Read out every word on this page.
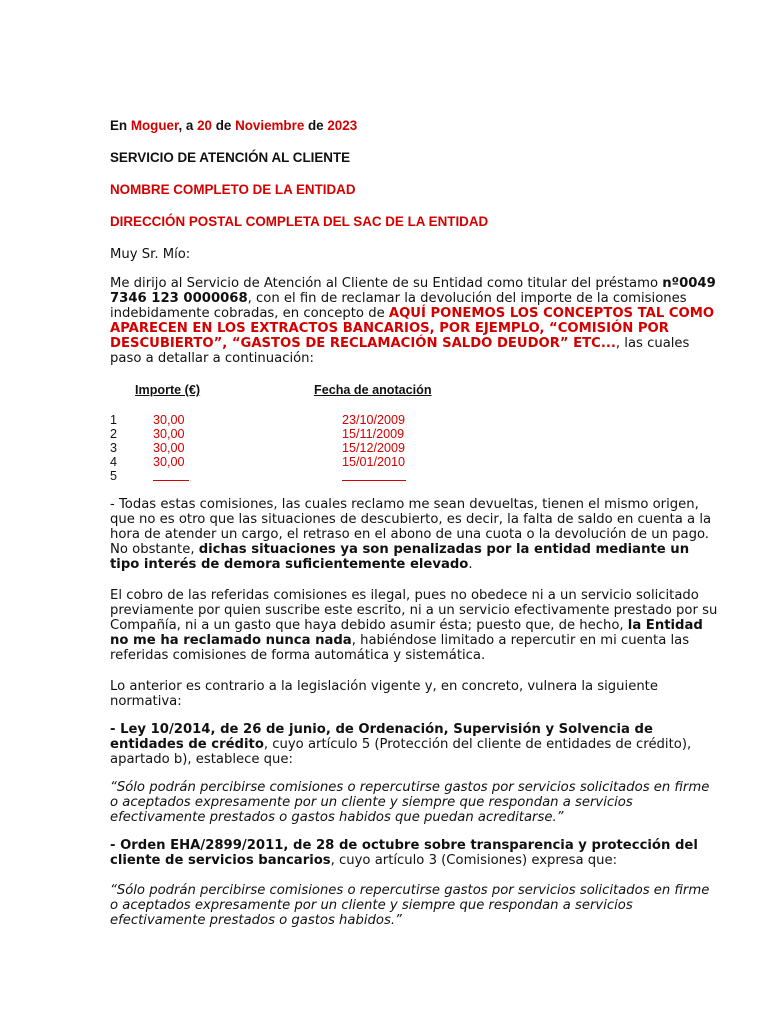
En Moguer, a 20 de Noviembre de 2023

SERVICIO DE ATENCIÓN AL CLIENTE

NOMBRE COMPLETO DE LA ENTIDAD

DIRECCIÓN POSTAL COMPLETA DEL SAC DE LA ENTIDAD

Muy Sr. Mío:

Me dirijo al Servicio de Atención al Cliente de su Entidad como titular del préstamo nº0049 7346 123 0000068, con el fin de reclamar la devolución del importe de la comisiones indebidamente cobradas, en concepto de AQUÍ PONEMOS LOS CONCEPTOS TAL COMO APARECEN EN LOS EXTRACTOS BANCARIOS, POR EJEMPLO, “COMISIÓN POR DESCUBIERTO”, “GASTOS DE RECLAMACIÓN SALDO DEUDOR” ETC..., las cuales paso a detallar a continuación:

Importe (€)	Fecha de anotación
1	30,00	23/10/2009
2	30,00	15/11/2009
3	30,00	15/12/2009
4	30,00	15/01/2010
5

- Todas estas comisiones, las cuales reclamo me sean devueltas, tienen el mismo origen, que no es otro que las situaciones de descubierto, es decir, la falta de saldo en cuenta a la hora de atender un cargo, el retraso en el abono de una cuota o la devolución de un pago. No obstante, dichas situaciones ya son penalizadas por la entidad mediante un tipo interés de demora suficientemente elevado.

El cobro de las referidas comisiones es ilegal, pues no obedece ni a un servicio solicitado previamente por quien suscribe este escrito, ni a un servicio efectivamente prestado por su Compañía, ni a un gasto que haya debido asumir ésta; puesto que, de hecho, la Entidad no me ha reclamado nunca nada, habiéndose limitado a repercutir en mi cuenta las referidas comisiones de forma automática y sistemática.

Lo anterior es contrario a la legislación vigente y, en concreto, vulnera la siguiente normativa:

- Ley 10/2014, de 26 de junio, de Ordenación, Supervisión y Solvencia de entidades de crédito, cuyo artículo 5 (Protección del cliente de entidades de crédito), apartado b), establece que:

“Sólo podrán percibirse comisiones o repercutirse gastos por servicios solicitados en firme o aceptados expresamente por un cliente y siempre que respondan a servicios efectivamente prestados o gastos habidos que puedan acreditarse.”

- Orden EHA/2899/2011, de 28 de octubre sobre transparencia y protección del cliente de servicios bancarios, cuyo artículo 3 (Comisiones) expresa que:

“Sólo podrán percibirse comisiones o repercutirse gastos por servicios solicitados en firme o aceptados expresamente por un cliente y siempre que respondan a servicios efectivamente prestados o gastos habidos.”
